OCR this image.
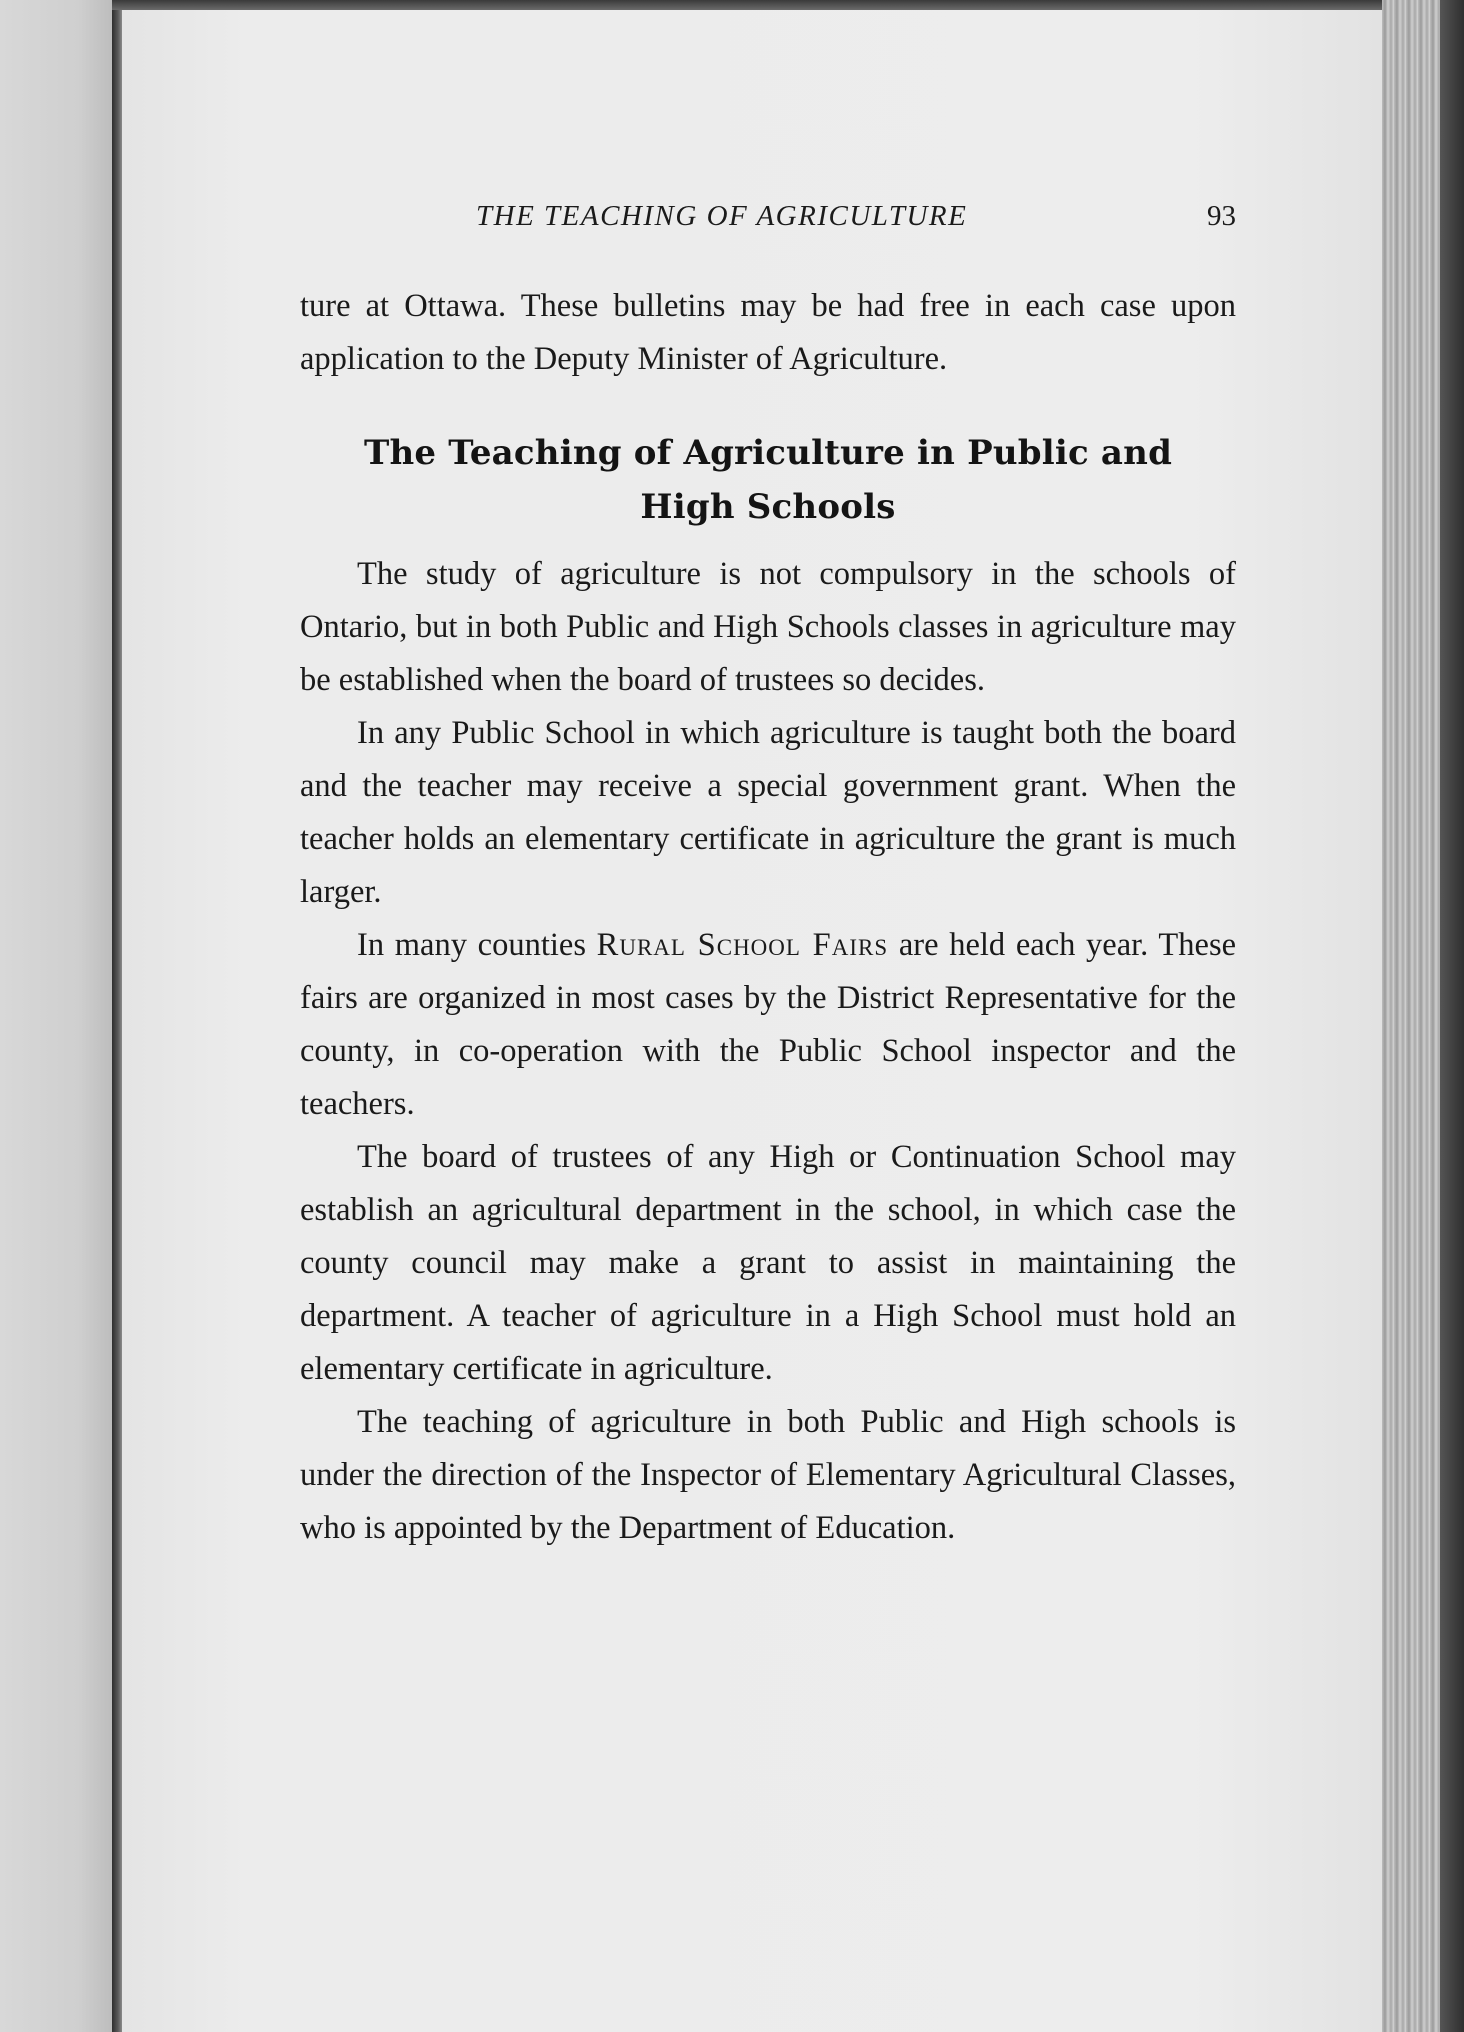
THE TEACHING OF AGRICULTURE	93

ture at Ottawa. These bulletins may be had free in each case upon application to the Deputy Minister of Agriculture.

The Teaching of Agriculture in Public and
High Schools

The study of agriculture is not compulsory in the schools of Ontario, but in both Public and High Schools classes in agriculture may be established when the board of trustees so decides.

In any Public School in which agriculture is taught both the board and the teacher may receive a special government grant. When the teacher holds an elementary certificate in agriculture the grant is much larger.

In many counties Rural School Fairs are held each year. These fairs are organized in most cases by the District Representative for the county, in co-operation with the Public School inspector and the teachers.

The board of trustees of any High or Continuation School may establish an agricultural department in the school, in which case the county council may make a grant to assist in maintaining the department. A teacher of agriculture in a High School must hold an elementary certificate in agriculture.

The teaching of agriculture in both Public and High schools is under the direction of the Inspector of Elementary Agricultural Classes, who is appointed by the Department of Education.
